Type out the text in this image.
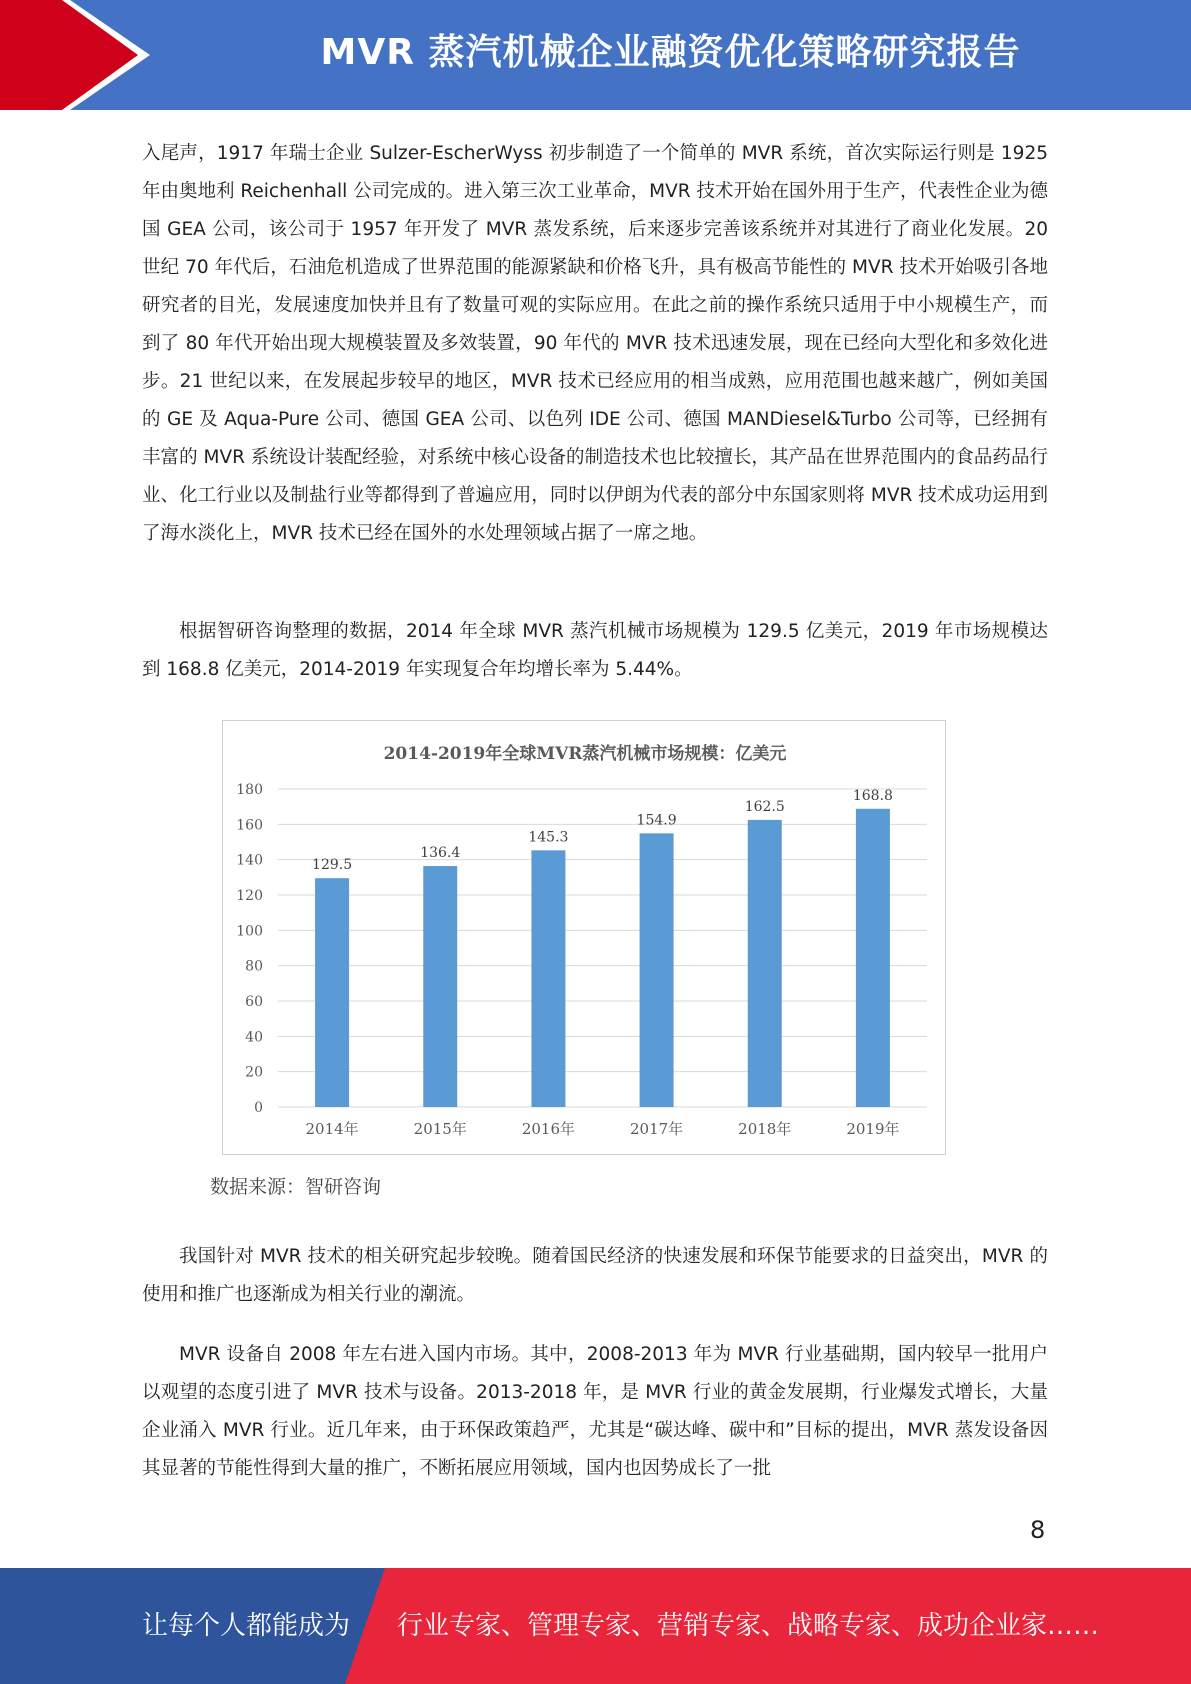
MVR 蒸汽机械企业融资优化策略研究报告

入尾声，1917 年瑞士企业 Sulzer-EscherWyss 初步制造了一个简单的 MVR 系统，首次实际运行则是 1925 年由奥地利 Reichenhall 公司完成的。进入第三次工业革命，MVR 技术开始在国外用于生产，代表性企业为德国 GEA 公司，该公司于 1957 年开发了 MVR 蒸发系统，后来逐步完善该系统并对其进行了商业化发展。20 世纪 70 年代后，石油危机造成了世界范围的能源紧缺和价格飞升，具有极高节能性的 MVR 技术开始吸引各地研究者的目光，发展速度加快并且有了数量可观的实际应用。在此之前的操作系统只适用于中小规模生产，而到了 80 年代开始出现大规模装置及多效装置，90 年代的 MVR 技术迅速发展，现在已经向大型化和多效化进步。21 世纪以来，在发展起步较早的地区，MVR 技术已经应用的相当成熟，应用范围也越来越广，例如美国的 GE 及 Aqua-Pure 公司、德国 GEA 公司、以色列 IDE 公司、德国 MANDiesel&Turbo 公司等，已经拥有丰富的 MVR 系统设计装配经验，对系统中核心设备的制造技术也比较擅长，其产品在世界范围内的食品药品行业、化工行业以及制盐行业等都得到了普遍应用，同时以伊朗为代表的部分中东国家则将 MVR 技术成功运用到了海水淡化上，MVR 技术已经在国外的水处理领域占据了一席之地。

根据智研咨询整理的数据，2014 年全球 MVR 蒸汽机械市场规模为 129.5 亿美元，2019 年市场规模达到 168.8 亿美元，2014-2019 年实现复合年均增长率为 5.44%。

2014-2019年全球MVR蒸汽机械市场规模：亿美元
0
20
40
60
80
100
120
140
160
180
129.5
2014年
136.4
2015年
145.3
2016年
154.9
2017年
162.5
2018年
168.8
2019年
数据来源：智研咨询

我国针对 MVR 技术的相关研究起步较晚。随着国民经济的快速发展和环保节能要求的日益突出，MVR 的使用和推广也逐渐成为相关行业的潮流。

MVR 设备自 2008 年左右进入国内市场。其中，2008-2013 年为 MVR 行业基础期，国内较早一批用户以观望的态度引进了 MVR 技术与设备。2013-2018 年，是 MVR 行业的黄金发展期，行业爆发式增长，大量企业涌入 MVR 行业。近几年来，由于环保政策趋严，尤其是“碳达峰、碳中和”目标的提出，MVR 蒸发设备因其显著的节能性得到大量的推广，不断拓展应用领域，国内也因势成长了一批

8
让每个人都能成为 行业专家、管理专家、营销专家、战略专家、成功企业家……
